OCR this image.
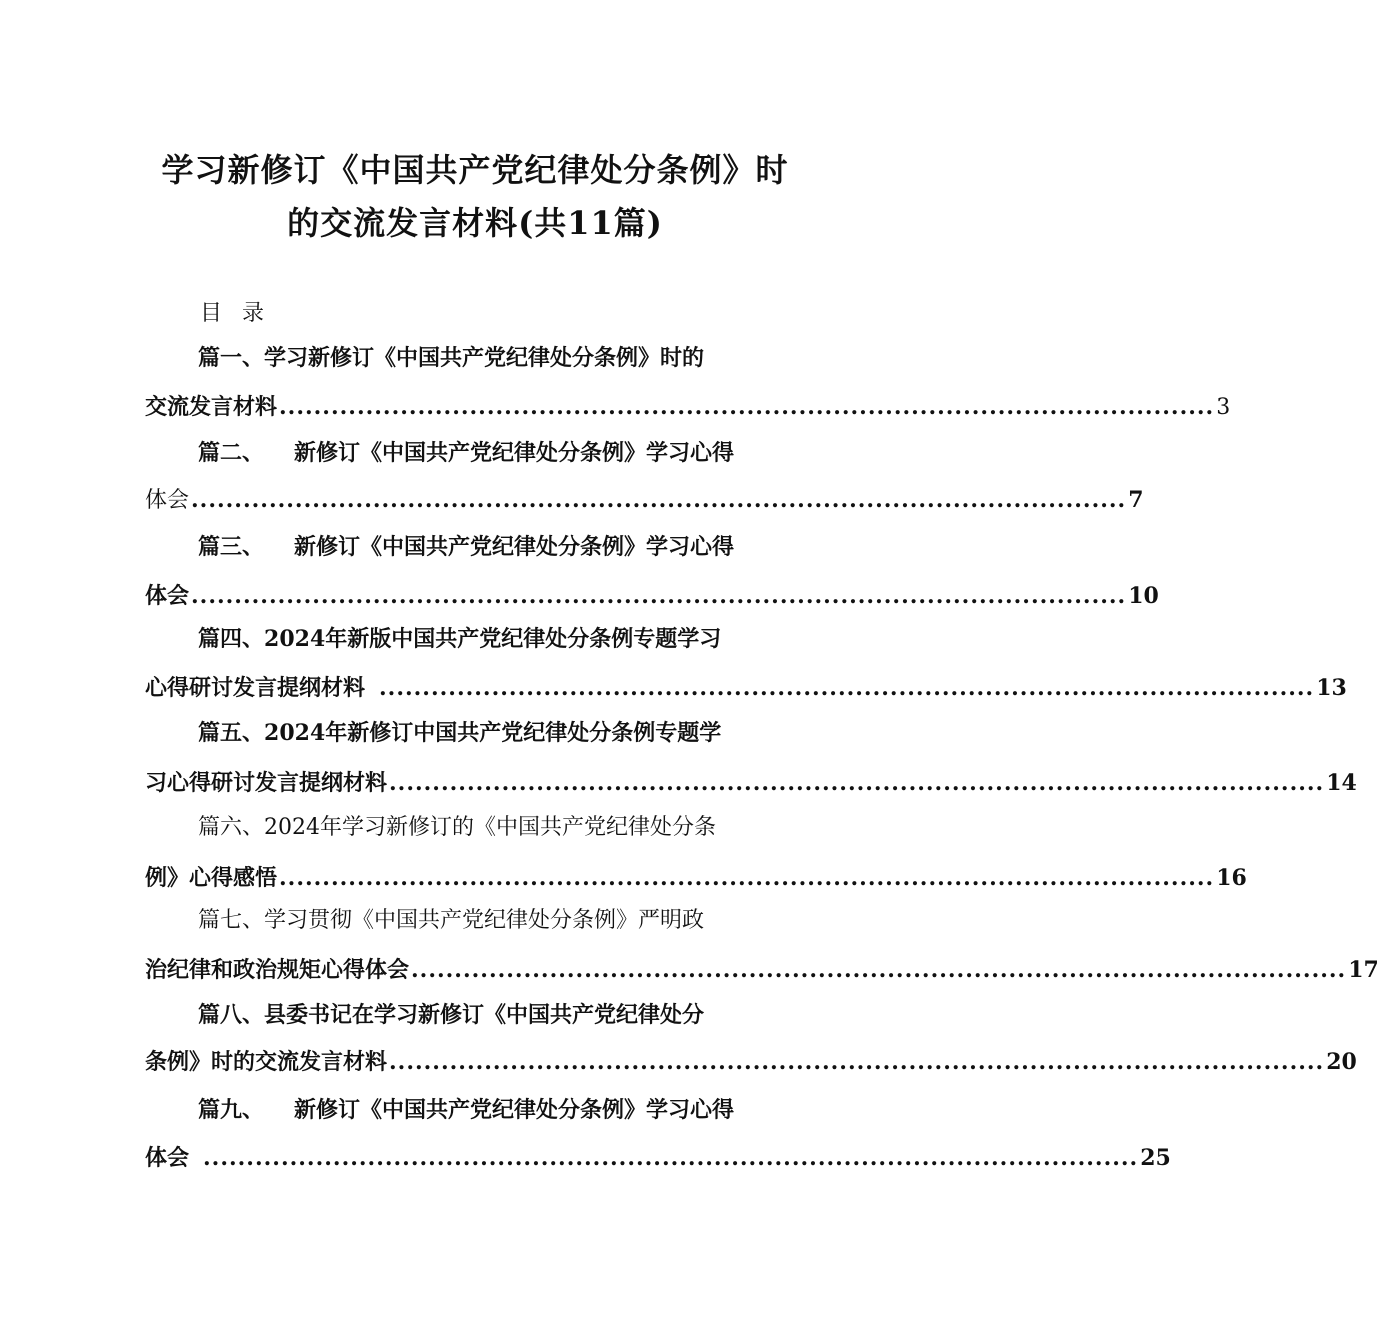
学习新修订《中国共产党纪律处分条例》时
的交流发言材料(共11篇)
目录
篇一、学习新修订《中国共产党纪律处分条例》时的
交流发言材料 ............................................................................................................ 3
篇二、 新修订《中国共产党纪律处分条例》学习心得
体会 ............................................................................................................ 7
篇三、 新修订《中国共产党纪律处分条例》学习心得
体会 ............................................................................................................ 10
篇四、2024年新版中国共产党纪律处分条例专题学习
心得研讨发言提纲材料 ............................................................................................................ 13
篇五、2024年新修订中国共产党纪律处分条例专题学
习心得研讨发言提纲材料 ............................................................................................................ 14
篇六、2024年学习新修订的《中国共产党纪律处分条
例》心得感悟 ............................................................................................................ 16
篇七、学习贯彻《中国共产党纪律处分条例》严明政
治纪律和政治规矩心得体会 ............................................................................................................ 17
篇八、县委书记在学习新修订《中国共产党纪律处分
条例》时的交流发言材料 ............................................................................................................ 20
篇九、 新修订《中国共产党纪律处分条例》学习心得
体会 ............................................................................................................ 25
